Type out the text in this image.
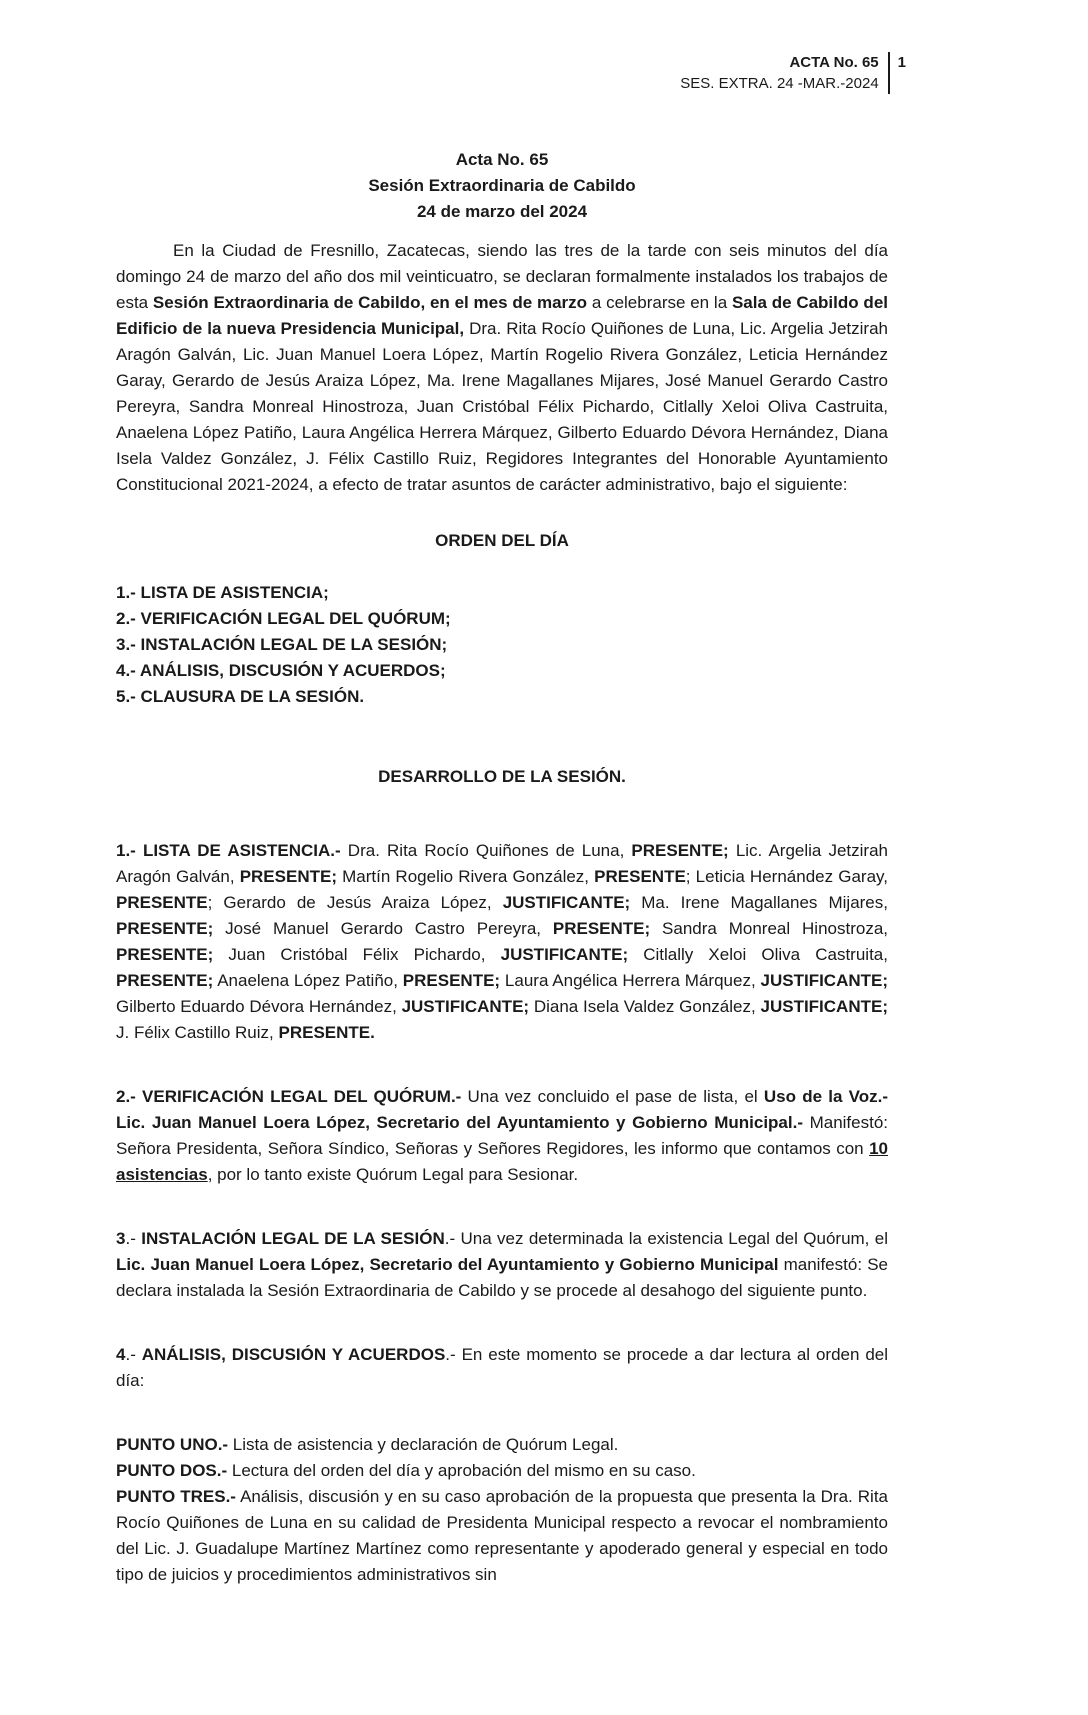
ACTA No. 65
SES. EXTRA. 24 -MAR.-2024
1
Acta No. 65
Sesión Extraordinaria de Cabildo
24 de marzo del 2024

En la Ciudad de Fresnillo, Zacatecas, siendo las tres de la tarde con seis minutos del día domingo 24 de marzo del año dos mil veinticuatro, se declaran formalmente instalados los trabajos de esta Sesión Extraordinaria de Cabildo, en el mes de marzo a celebrarse en la Sala de Cabildo del Edificio de la nueva Presidencia Municipal, Dra. Rita Rocío Quiñones de Luna, Lic. Argelia Jetzirah Aragón Galván, Lic. Juan Manuel Loera López, Martín Rogelio Rivera González, Leticia Hernández Garay, Gerardo de Jesús Araiza López, Ma. Irene Magallanes Mijares, José Manuel Gerardo Castro Pereyra, Sandra Monreal Hinostroza, Juan Cristóbal Félix Pichardo, Citlally Xeloi Oliva Castruita, Anaelena López Patiño, Laura Angélica Herrera Márquez, Gilberto Eduardo Dévora Hernández, Diana Isela Valdez González, J. Félix Castillo Ruiz, Regidores Integrantes del Honorable Ayuntamiento Constitucional 2021-2024, a efecto de tratar asuntos de carácter administrativo, bajo el siguiente:

ORDEN DEL DÍA
1.- LISTA DE ASISTENCIA;
2.- VERIFICACIÓN LEGAL DEL QUÓRUM;
3.- INSTALACIÓN LEGAL DE LA SESIÓN;
4.- ANÁLISIS, DISCUSIÓN Y ACUERDOS;
5.- CLAUSURA DE LA SESIÓN.
DESARROLLO DE LA SESIÓN.

1.- LISTA DE ASISTENCIA.- Dra. Rita Rocío Quiñones de Luna, PRESENTE; Lic. Argelia Jetzirah Aragón Galván, PRESENTE; Martín Rogelio Rivera González, PRESENTE; Leticia Hernández Garay, PRESENTE; Gerardo de Jesús Araiza López, JUSTIFICANTE; Ma. Irene Magallanes Mijares, PRESENTE; José Manuel Gerardo Castro Pereyra, PRESENTE; Sandra Monreal Hinostroza, PRESENTE; Juan Cristóbal Félix Pichardo, JUSTIFICANTE; Citlally Xeloi Oliva Castruita, PRESENTE; Anaelena López Patiño, PRESENTE; Laura Angélica Herrera Márquez, JUSTIFICANTE; Gilberto Eduardo Dévora Hernández, JUSTIFICANTE; Diana Isela Valdez González, JUSTIFICANTE; J. Félix Castillo Ruiz, PRESENTE.

2.- VERIFICACIÓN LEGAL DEL QUÓRUM.- Una vez concluido el pase de lista, el Uso de la Voz.- Lic. Juan Manuel Loera López, Secretario del Ayuntamiento y Gobierno Municipal.- Manifestó: Señora Presidenta, Señora Síndico, Señoras y Señores Regidores, les informo que contamos con 10 asistencias, por lo tanto existe Quórum Legal para Sesionar.

3.- INSTALACIÓN LEGAL DE LA SESIÓN.- Una vez determinada la existencia Legal del Quórum, el Lic. Juan Manuel Loera López, Secretario del Ayuntamiento y Gobierno Municipal manifestó: Se declara instalada la Sesión Extraordinaria de Cabildo y se procede al desahogo del siguiente punto.

4.- ANÁLISIS, DISCUSIÓN Y ACUERDOS.- En este momento se procede a dar lectura al orden del día:

PUNTO UNO.- Lista de asistencia y declaración de Quórum Legal.

PUNTO DOS.- Lectura del orden del día y aprobación del mismo en su caso.

PUNTO TRES.- Análisis, discusión y en su caso aprobación de la propuesta que presenta la Dra. Rita Rocío Quiñones de Luna en su calidad de Presidenta Municipal respecto a revocar el nombramiento del Lic. J. Guadalupe Martínez Martínez como representante y apoderado general y especial en todo tipo de juicios y procedimientos administrativos sin
